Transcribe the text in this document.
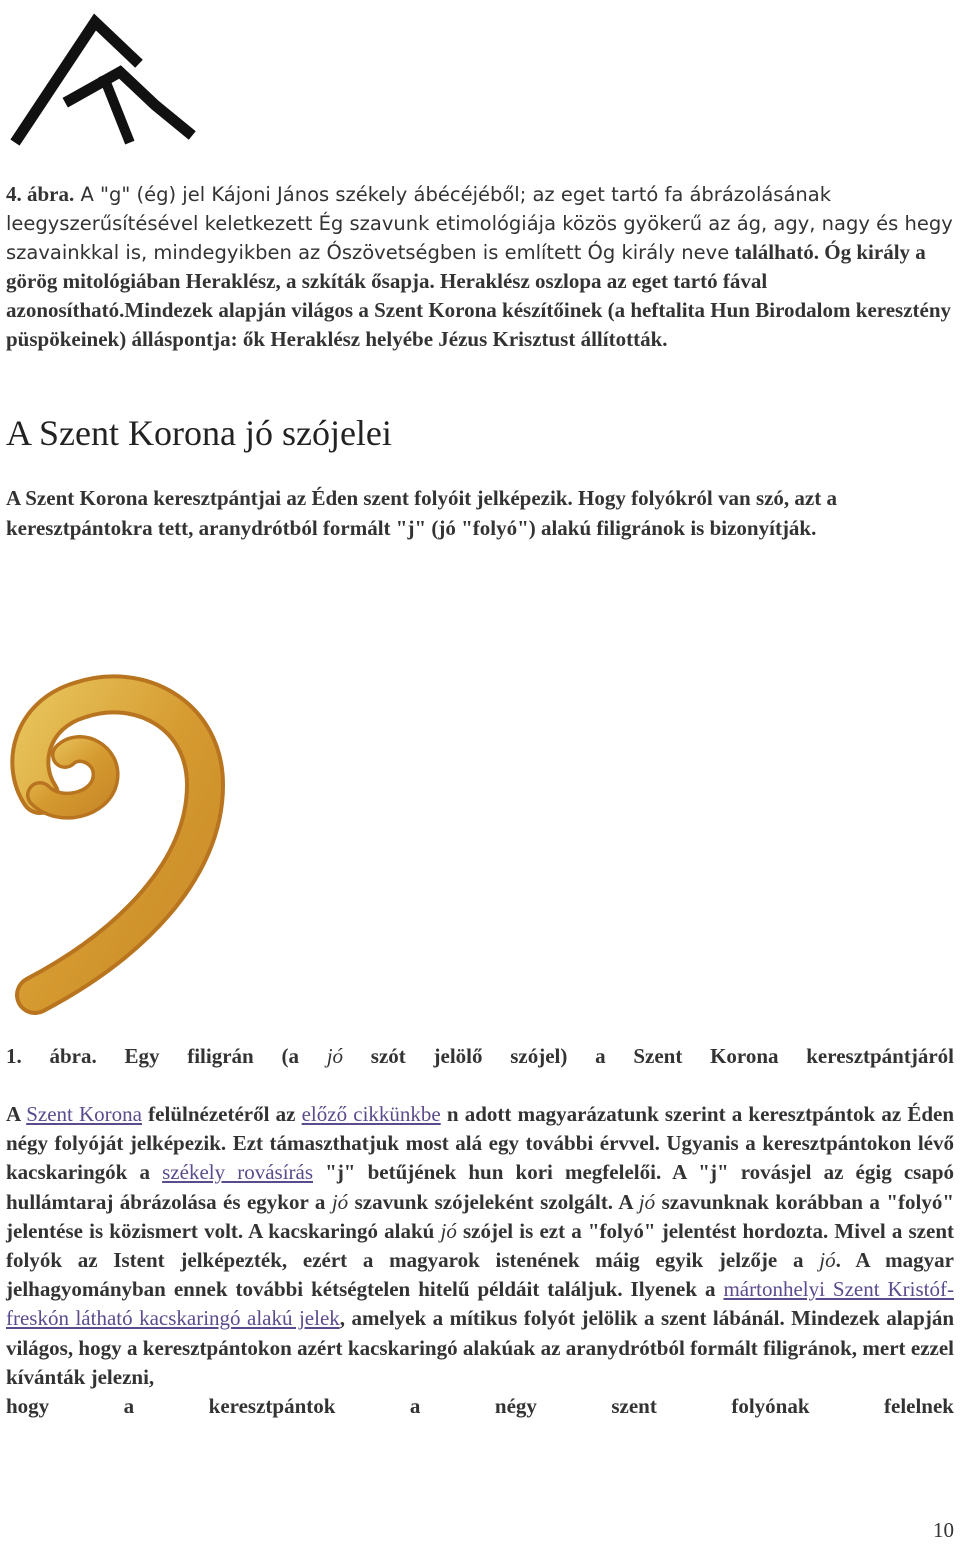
4. ábra. A "g" (ég) jel Kájoni János székely ábécéjéből; az eget tartó fa ábrázolásának leegyszerűsítésével keletkezett Ég szavunk etimológiája közös gyökerű az ág, agy, nagy és hegy szavainkkal is, mindegyikben az Ószövetségben is említett Óg király neve található. Óg király a görög mitológiában Heraklész, a szkíták ősapja. Heraklész oszlopa az eget tartó fával azonosítható.Mindezek alapján világos a Szent Korona készítőinek (a heftalita Hun Birodalom keresztény püspökeinek) álláspontja: ők Heraklész helyébe Jézus Krisztust állították.
A Szent Korona jó szójelei
A Szent Korona keresztpántjai az Éden szent folyóit jelképezik. Hogy folyókról van szó, azt a keresztpántokra tett, aranydrótból formált "j" (jó "folyó") alakú filigránok is bizonyítják.
1. ábra. Egy filigrán (a jó szót jelölő szójel) a Szent Korona keresztpántjáról
A Szent Korona felülnézetéről az előző cikkünkbe n adott magyarázatunk szerint a keresztpántok az Éden négy folyóját jelképezik. Ezt támaszthatjuk most alá egy további érvvel. Ugyanis a keresztpántokon lévő kacskaringók a székely rovásírás "j" betűjének hun kori megfelelői. A "j" rovásjel az égig csapó hullámtaraj ábrázolása és egykor a jó szavunk szójeleként szolgált. A jó szavunknak korábban a "folyó" jelentése is közismert volt. A kacskaringó alakú jó szójel is ezt a "folyó" jelentést hordozta. Mivel a szent folyók az Istent jelképezték, ezért a magyarok istenének máig egyik jelzője a jó. A magyar jelhagyományban ennek további kétségtelen hitelű példáit találjuk. Ilyenek a mártonhelyi Szent Kristóf-freskón látható kacskaringó alakú jelek, amelyek a mítikus folyót jelölik a szent lábánál. Mindezek alapján világos, hogy a keresztpántokon azért kacskaringó alakúak az aranydrótból formált filigránok, mert ezzel kívánták jelezni,
hogy a keresztpántok a négy szent folyónak felelnek
10
